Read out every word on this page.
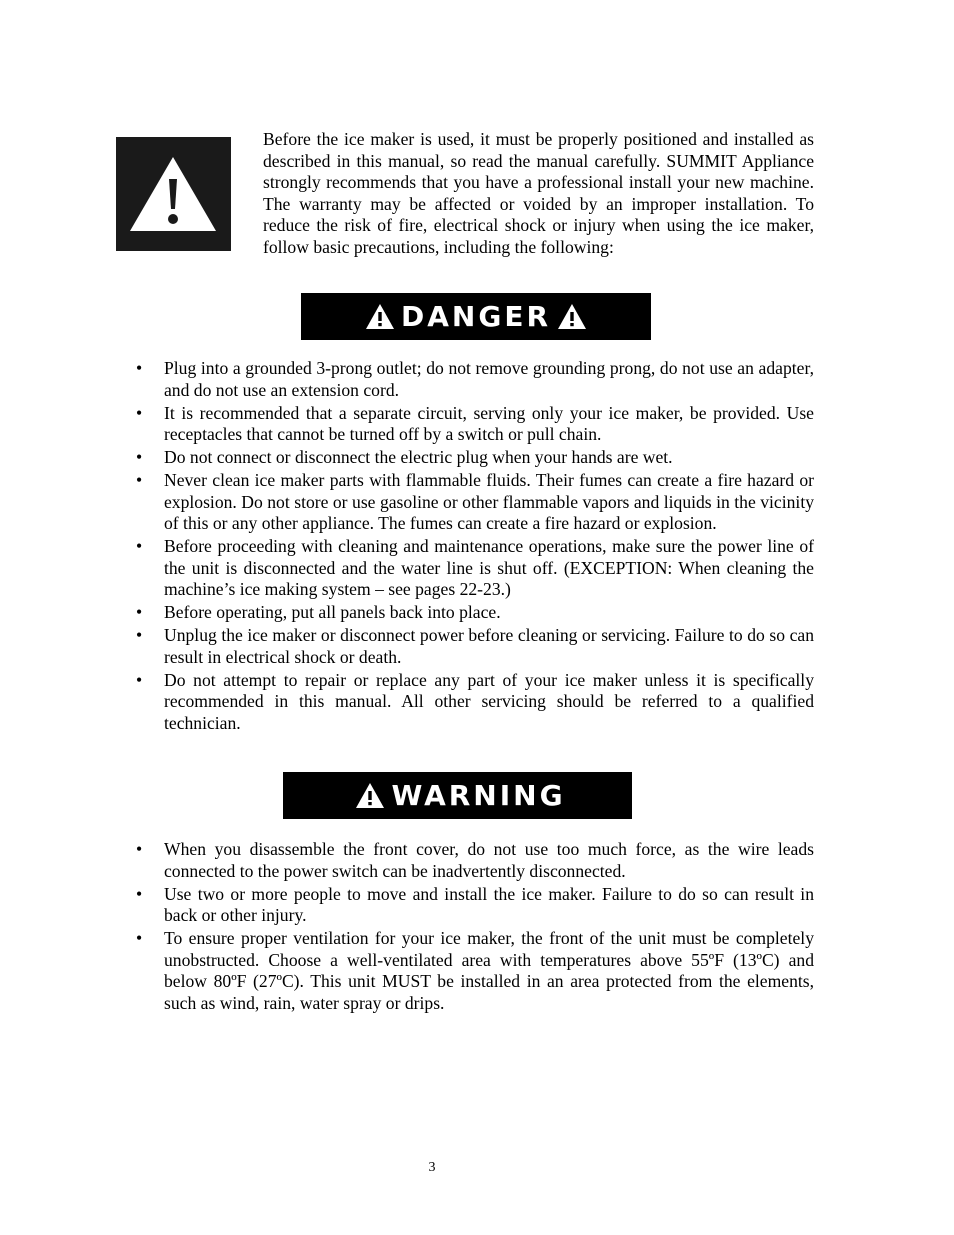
Before the ice maker is used, it must be properly positioned and installed as described in this manual, so read the manual carefully. SUMMIT Appliance strongly recommends that you have a professional install your new machine. The warranty may be affected or voided by an improper installation. To reduce the risk of fire, electrical shock or injury when using the ice maker, follow basic precautions, including the following:

DANGER
•	Plug into a grounded 3-prong outlet; do not remove grounding prong, do not use an adapter, and do not use an extension cord.
•	It is recommended that a separate circuit, serving only your ice maker, be provided. Use receptacles that cannot be turned off by a switch or pull chain.
•	Do not connect or disconnect the electric plug when your hands are wet.
•	Never clean ice maker parts with flammable fluids. Their fumes can create a fire hazard or explosion. Do not store or use gasoline or other flammable vapors and liquids in the vicinity of this or any other appliance. The fumes can create a fire hazard or explosion.
•	Before proceeding with cleaning and maintenance operations, make sure the power line of the unit is disconnected and the water line is shut off. (EXCEPTION: When cleaning the machine’s ice making system – see pages 22-23.)
•	Before operating, put all panels back into place.
•	Unplug the ice maker or disconnect power before cleaning or servicing. Failure to do so can result in electrical shock or death.
•	Do not attempt to repair or replace any part of your ice maker unless it is specifically recommended in this manual. All other servicing should be referred to a qualified technician.
WARNING
•	When you disassemble the front cover, do not use too much force, as the wire leads connected to the power switch can be inadvertently disconnected.
•	Use two or more people to move and install the ice maker. Failure to do so can result in back or other injury.
•	To ensure proper ventilation for your ice maker, the front of the unit must be completely unobstructed. Choose a well-ventilated area with temperatures above 55ºF (13ºC) and below 80ºF (27ºC). This unit MUST be installed in an area protected from the elements, such as wind, rain, water spray or drips.
3
